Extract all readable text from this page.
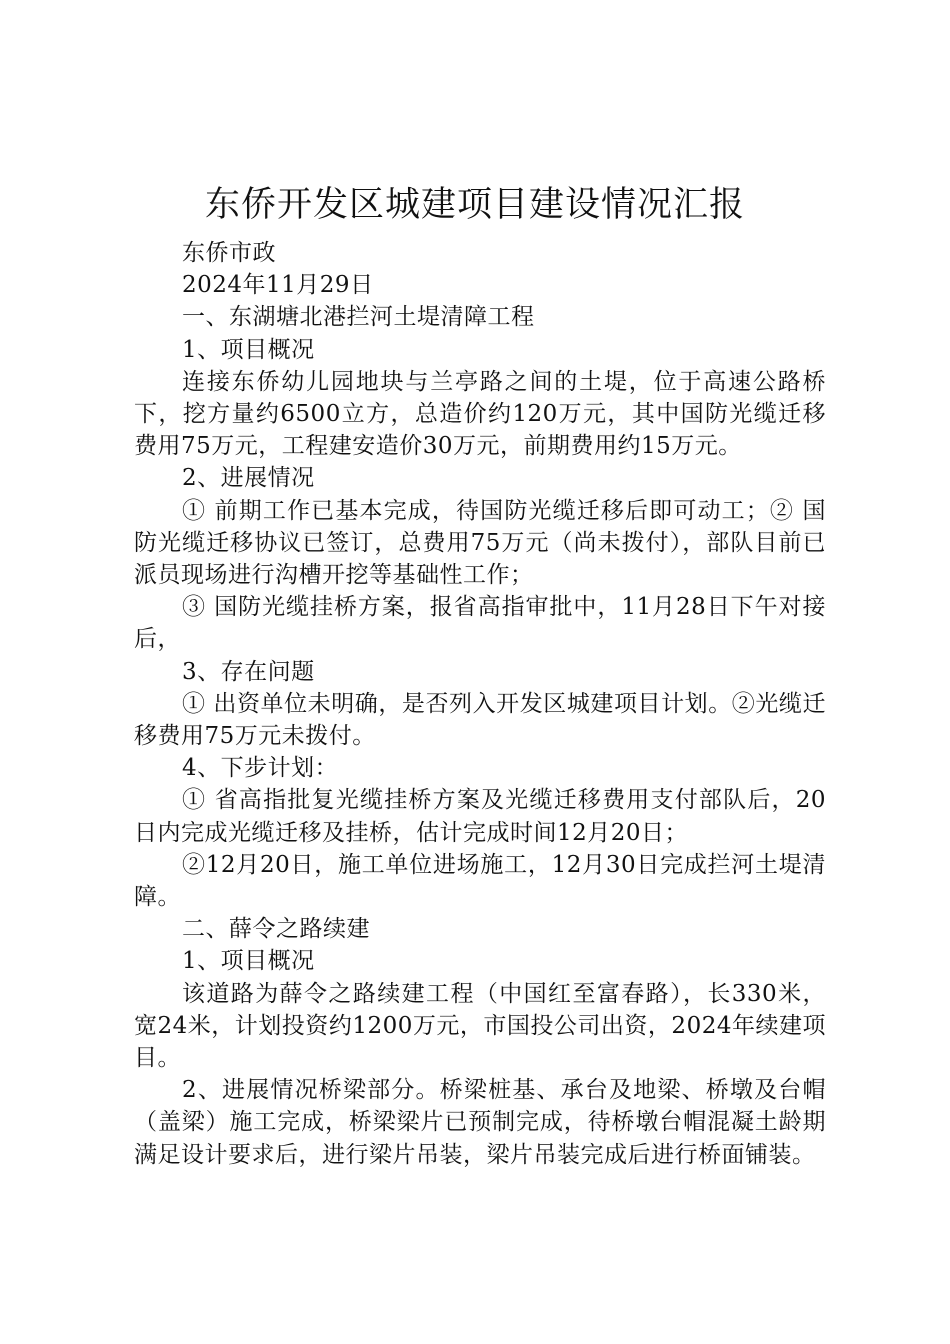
东侨开发区城建项目建设情况汇报

东侨市政

2024年11月29日

一、东湖塘北港拦河土堤清障工程

1、项目概况

连接东侨幼儿园地块与兰亭路之间的土堤，位于高速公路桥下，挖方量约6500立方，总造价约120万元，其中国防光缆迁移费用75万元，工程建安造价30万元，前期费用约15万元。

2、进展情况

① 前期工作已基本完成，待国防光缆迁移后即可动工；② 国防光缆迁移协议已签订，总费用75万元（尚未拨付），部队目前已派员现场进行沟槽开挖等基础性工作；

③ 国防光缆挂桥方案，报省高指审批中，11月28日下午对接后，

3、存在问题

① 出资单位未明确，是否列入开发区城建项目计划。②光缆迁移费用75万元未拨付。

4、下步计划：

① 省高指批复光缆挂桥方案及光缆迁移费用支付部队后，20日内完成光缆迁移及挂桥，估计完成时间12月20日；

②12月20日，施工单位进场施工，12月30日完成拦河土堤清障。

二、薛令之路续建

1、项目概况

该道路为薛令之路续建工程（中国红至富春路），长330米，宽24米，计划投资约1200万元，市国投公司出资，2024年续建项目。

2、进展情况桥梁部分。桥梁桩基、承台及地梁、桥墩及台帽（盖梁）施工完成，桥梁梁片已预制完成，待桥墩台帽混凝土龄期满足设计要求后，进行梁片吊装，梁片吊装完成后进行桥面铺装。
